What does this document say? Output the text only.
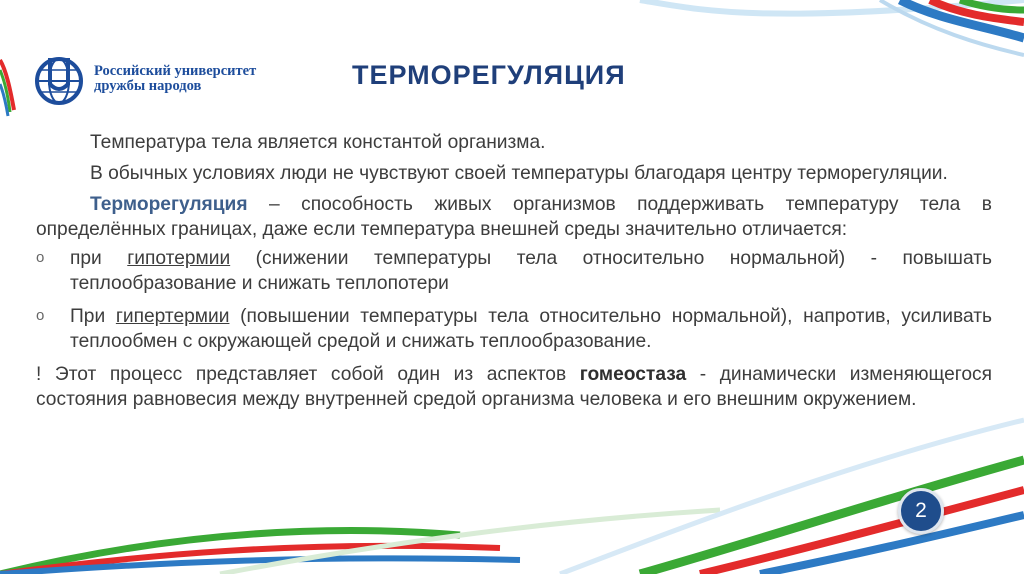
Российский университет
дружбы народов	ТЕРМОРЕГУЛЯЦИЯ

Температура тела является константой организма.

В обычных условиях люди не чувствуют своей температуры благодаря центру терморегуляции.

Терморегуляция – способность живых организмов поддерживать температуру тела в определённых границах, даже если температура внешней среды значительно отличается:

o при гипотермии (снижении температуры тела относительно нормальной) - повышать теплообразование и снижать теплопотери
o При гипертермии (повышении температуры тела относительно нормальной), напротив, усиливать теплообмен с окружающей средой и снижать теплообразование.

! Этот процесс представляет собой один из аспектов гомеостаза - динамически изменяющегося состояния равновесия между внутренней средой организма человека и его внешним окружением.

2
